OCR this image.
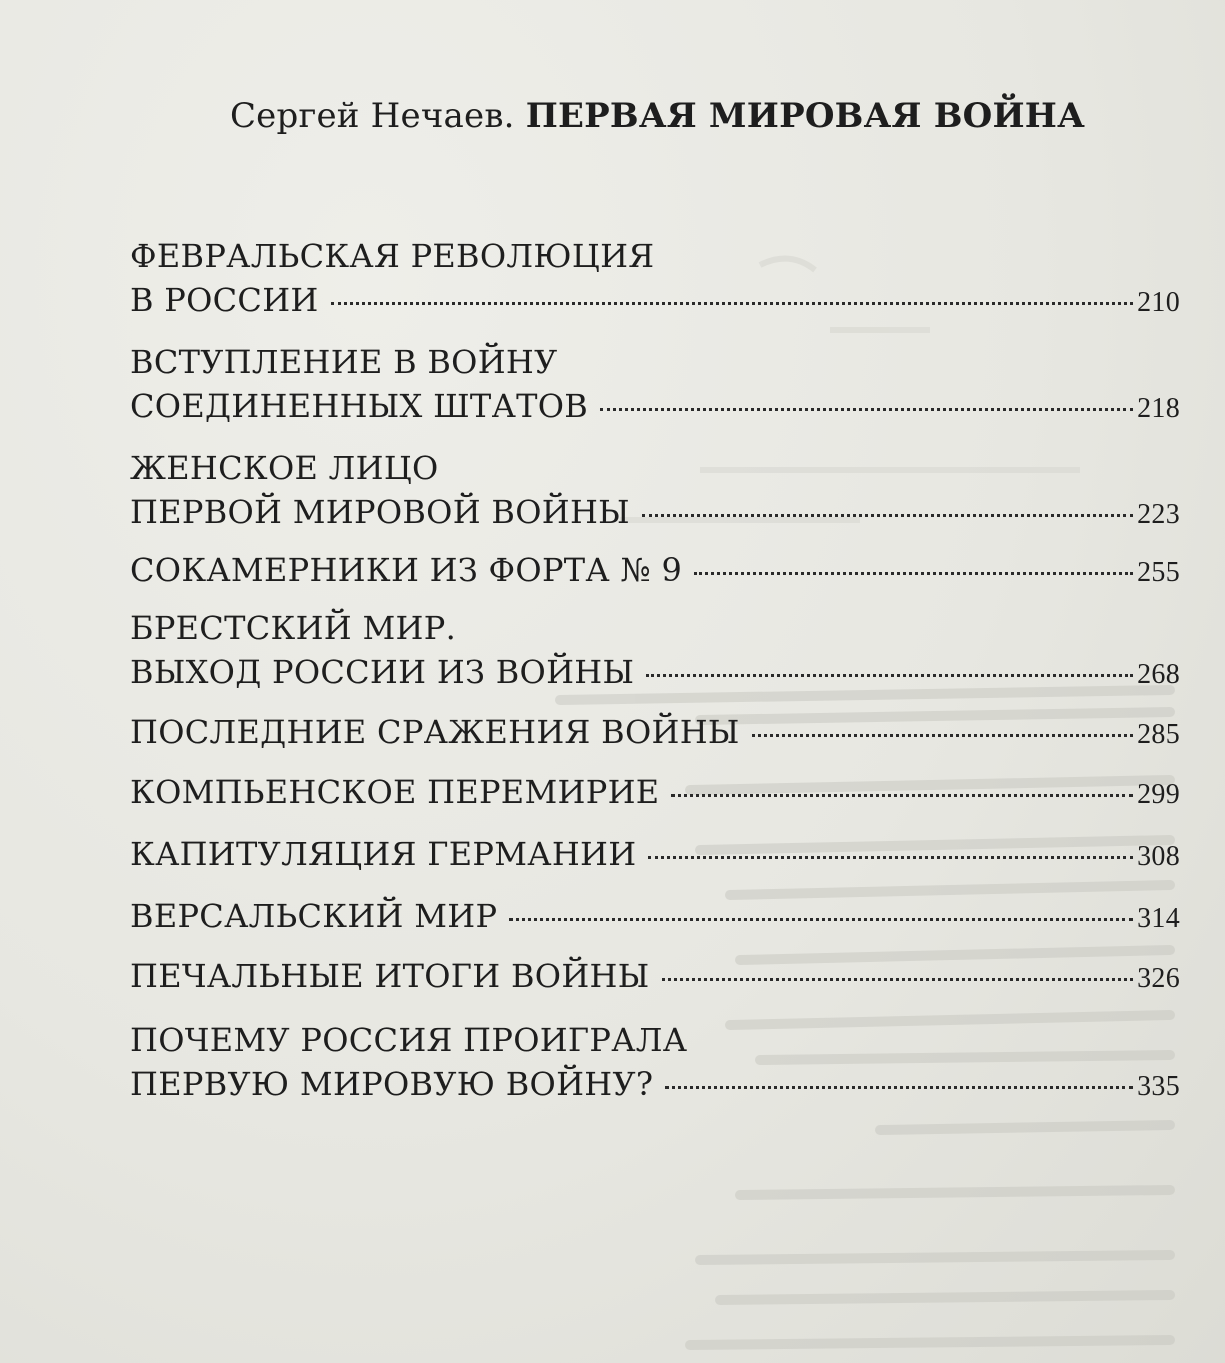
Сергей Нечаев. ПЕРВАЯ МИРОВАЯ ВОЙНА
ФЕВРАЛЬСКАЯ РЕВОЛЮЦИЯ
В РОССИИ	210
ВСТУПЛЕНИЕ В ВОЙНУ
СОЕДИНЕННЫХ ШТАТОВ	218
ЖЕНСКОЕ ЛИЦО
ПЕРВОЙ МИРОВОЙ ВОЙНЫ	223
СОКАМЕРНИКИ ИЗ ФОРТА № 9	255
БРЕСТСКИЙ МИР.
ВЫХОД РОССИИ ИЗ ВОЙНЫ	268
ПОСЛЕДНИЕ СРАЖЕНИЯ ВОЙНЫ	285
КОМПЬЕНСКОЕ ПЕРЕМИРИЕ	299
КАПИТУЛЯЦИЯ ГЕРМАНИИ	308
ВЕРСАЛЬСКИЙ МИР	314
ПЕЧАЛЬНЫЕ ИТОГИ ВОЙНЫ	326
ПОЧЕМУ РОССИЯ ПРОИГРАЛА
ПЕРВУЮ МИРОВУЮ ВОЙНУ?	335
